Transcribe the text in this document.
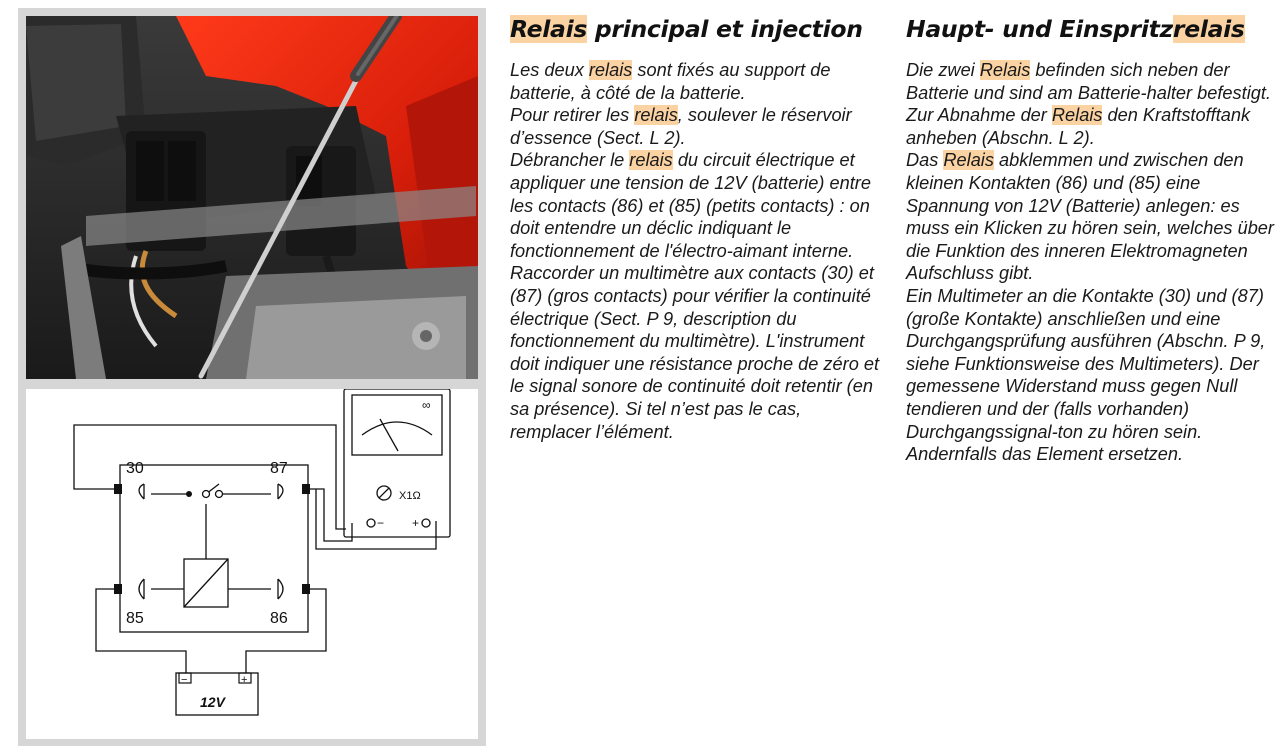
30	87
85	86
X1Ω
− +
∞
−	+
12V
Relais principal et injection
Les deux relais sont fixés au support de batterie, à côté de la batterie.
Pour retirer les relais, soulever le réservoir d’essence (Sect. L 2).
Débrancher le relais du circuit électrique et appliquer une tension de 12V (batterie) entre les contacts (86) et (85) (petits contacts) : on doit entendre un déclic indiquant le fonctionnement de l'électro-aimant interne.
Raccorder un multimètre aux contacts (30) et (87) (gros contacts) pour vérifier la continuité électrique (Sect. P 9, description du fonctionnement du multimètre). L'instrument doit indiquer une résistance proche de zéro et le signal sonore de continuité doit retentir (en sa présence). Si tel n’est pas le cas, remplacer l’élément.
Haupt- und Einspritzrelais
Die zwei Relais befinden sich neben der Batterie und sind am Batterie-halter befestigt.
Zur Abnahme der Relais den Kraftstofftank anheben (Abschn. L 2).
Das Relais abklemmen und zwischen den kleinen Kontakten (86) und (85) eine Spannung von 12V (Batterie) anlegen: es muss ein Klicken zu hören sein, welches über die Funktion des inneren Elektromagneten Aufschluss gibt.
Ein Multimeter an die Kontakte (30) und (87) (große Kontakte) anschließen und eine Durchgangsprüfung ausführen (Abschn. P 9, siehe Funktionsweise des Multimeters). Der gemessene Widerstand muss gegen Null tendieren und der (falls vorhanden) Durchgangssignal-ton zu hören sein. Andernfalls das Element ersetzen.
